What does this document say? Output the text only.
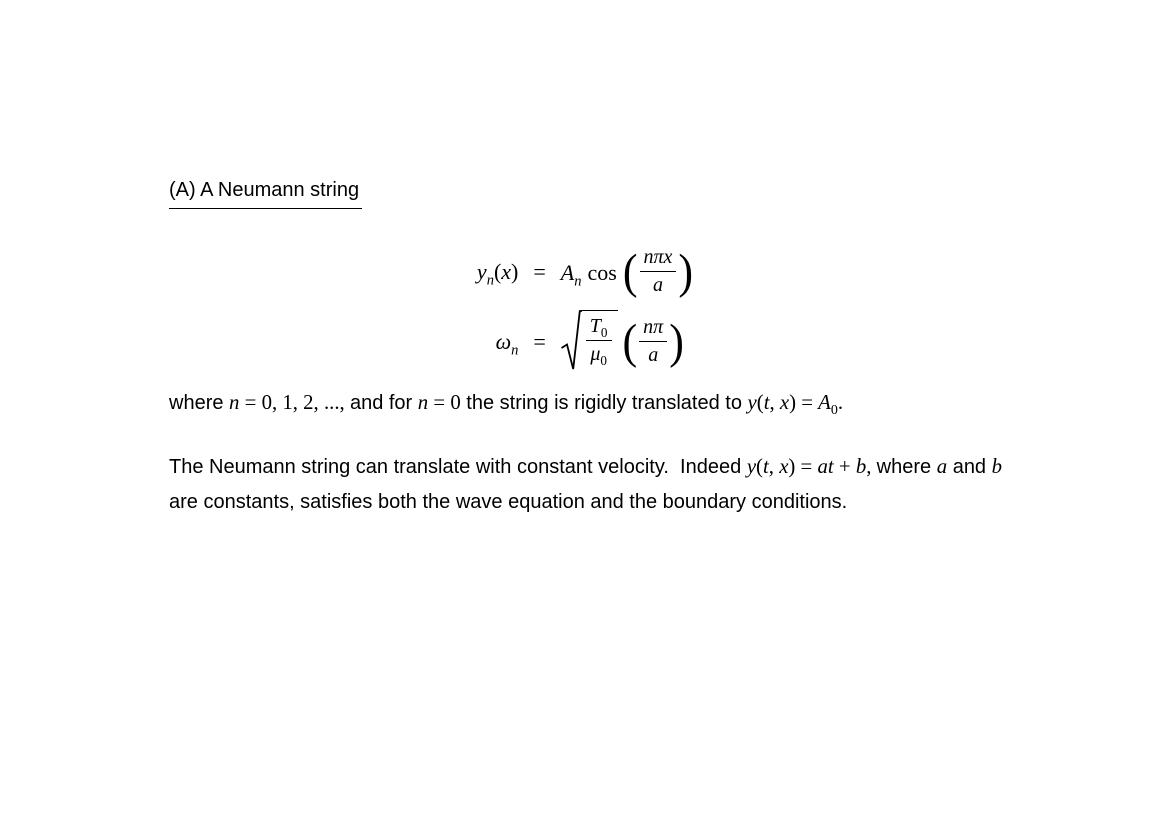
(A) A Neumann string
$y_n(x) = A_n$ cos ( $\frac{\text{nπx}}{a}$ )
$\omega_n$ =	$\frac{T_0}{\mu_0}$ ( $\frac{n\pi}{a}$ )
where n = 0, 1, 2, ..., and for n = 0 the string is rigidly translated to y(t, $x) = A_0$.
The Neumann string can translate with constant velocity.  Indeed y(t, x) = at + b, where a and b are constants, satisfies both the wave equation and the boundary conditions.
